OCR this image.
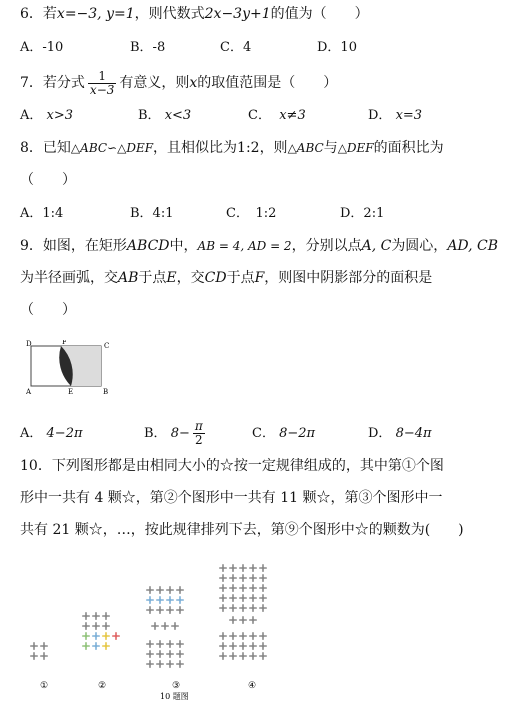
6．若x=−3, y=1，则代数式2x−3y+1的值为（　　）
A．-10	B．-8	C．4	D．10
7．若分式 $\frac{1}{x-3}$ 有意义，则x的取值范围是（　　）
A． x>3	B． x<3	C． x≠3	D． x=3
8．已知△ABC∽△DEF，且相似比为1:2，则△ABC与△DEF的面积比为
（　　）
A．1:4	B．4:1	C．　1:2	D．2:1
9．如图，在矩形ABCD中，AB = 4, AD = 2，分别以点A, C为圆心，AD, CB
为半径画弧，交AB于点E，交CD于点F，则图中阴影部分的面积是
（　　）
D	F	C
A	E	B
A． 4−2π	B． $8- \frac{\pi}{2}$	C． 8−2π	D． 8−4π
10．下列图形都是由相同大小的☆按一定规律组成的，其中第①个图
形中一共有 4 颗☆，第②个图形中一共有 11 颗☆，第③个图形中一
共有 21 颗☆，…，按此规律排列下去，第⑨个图形中☆的颗数为(　　)
①	②	③	④
10 题图
